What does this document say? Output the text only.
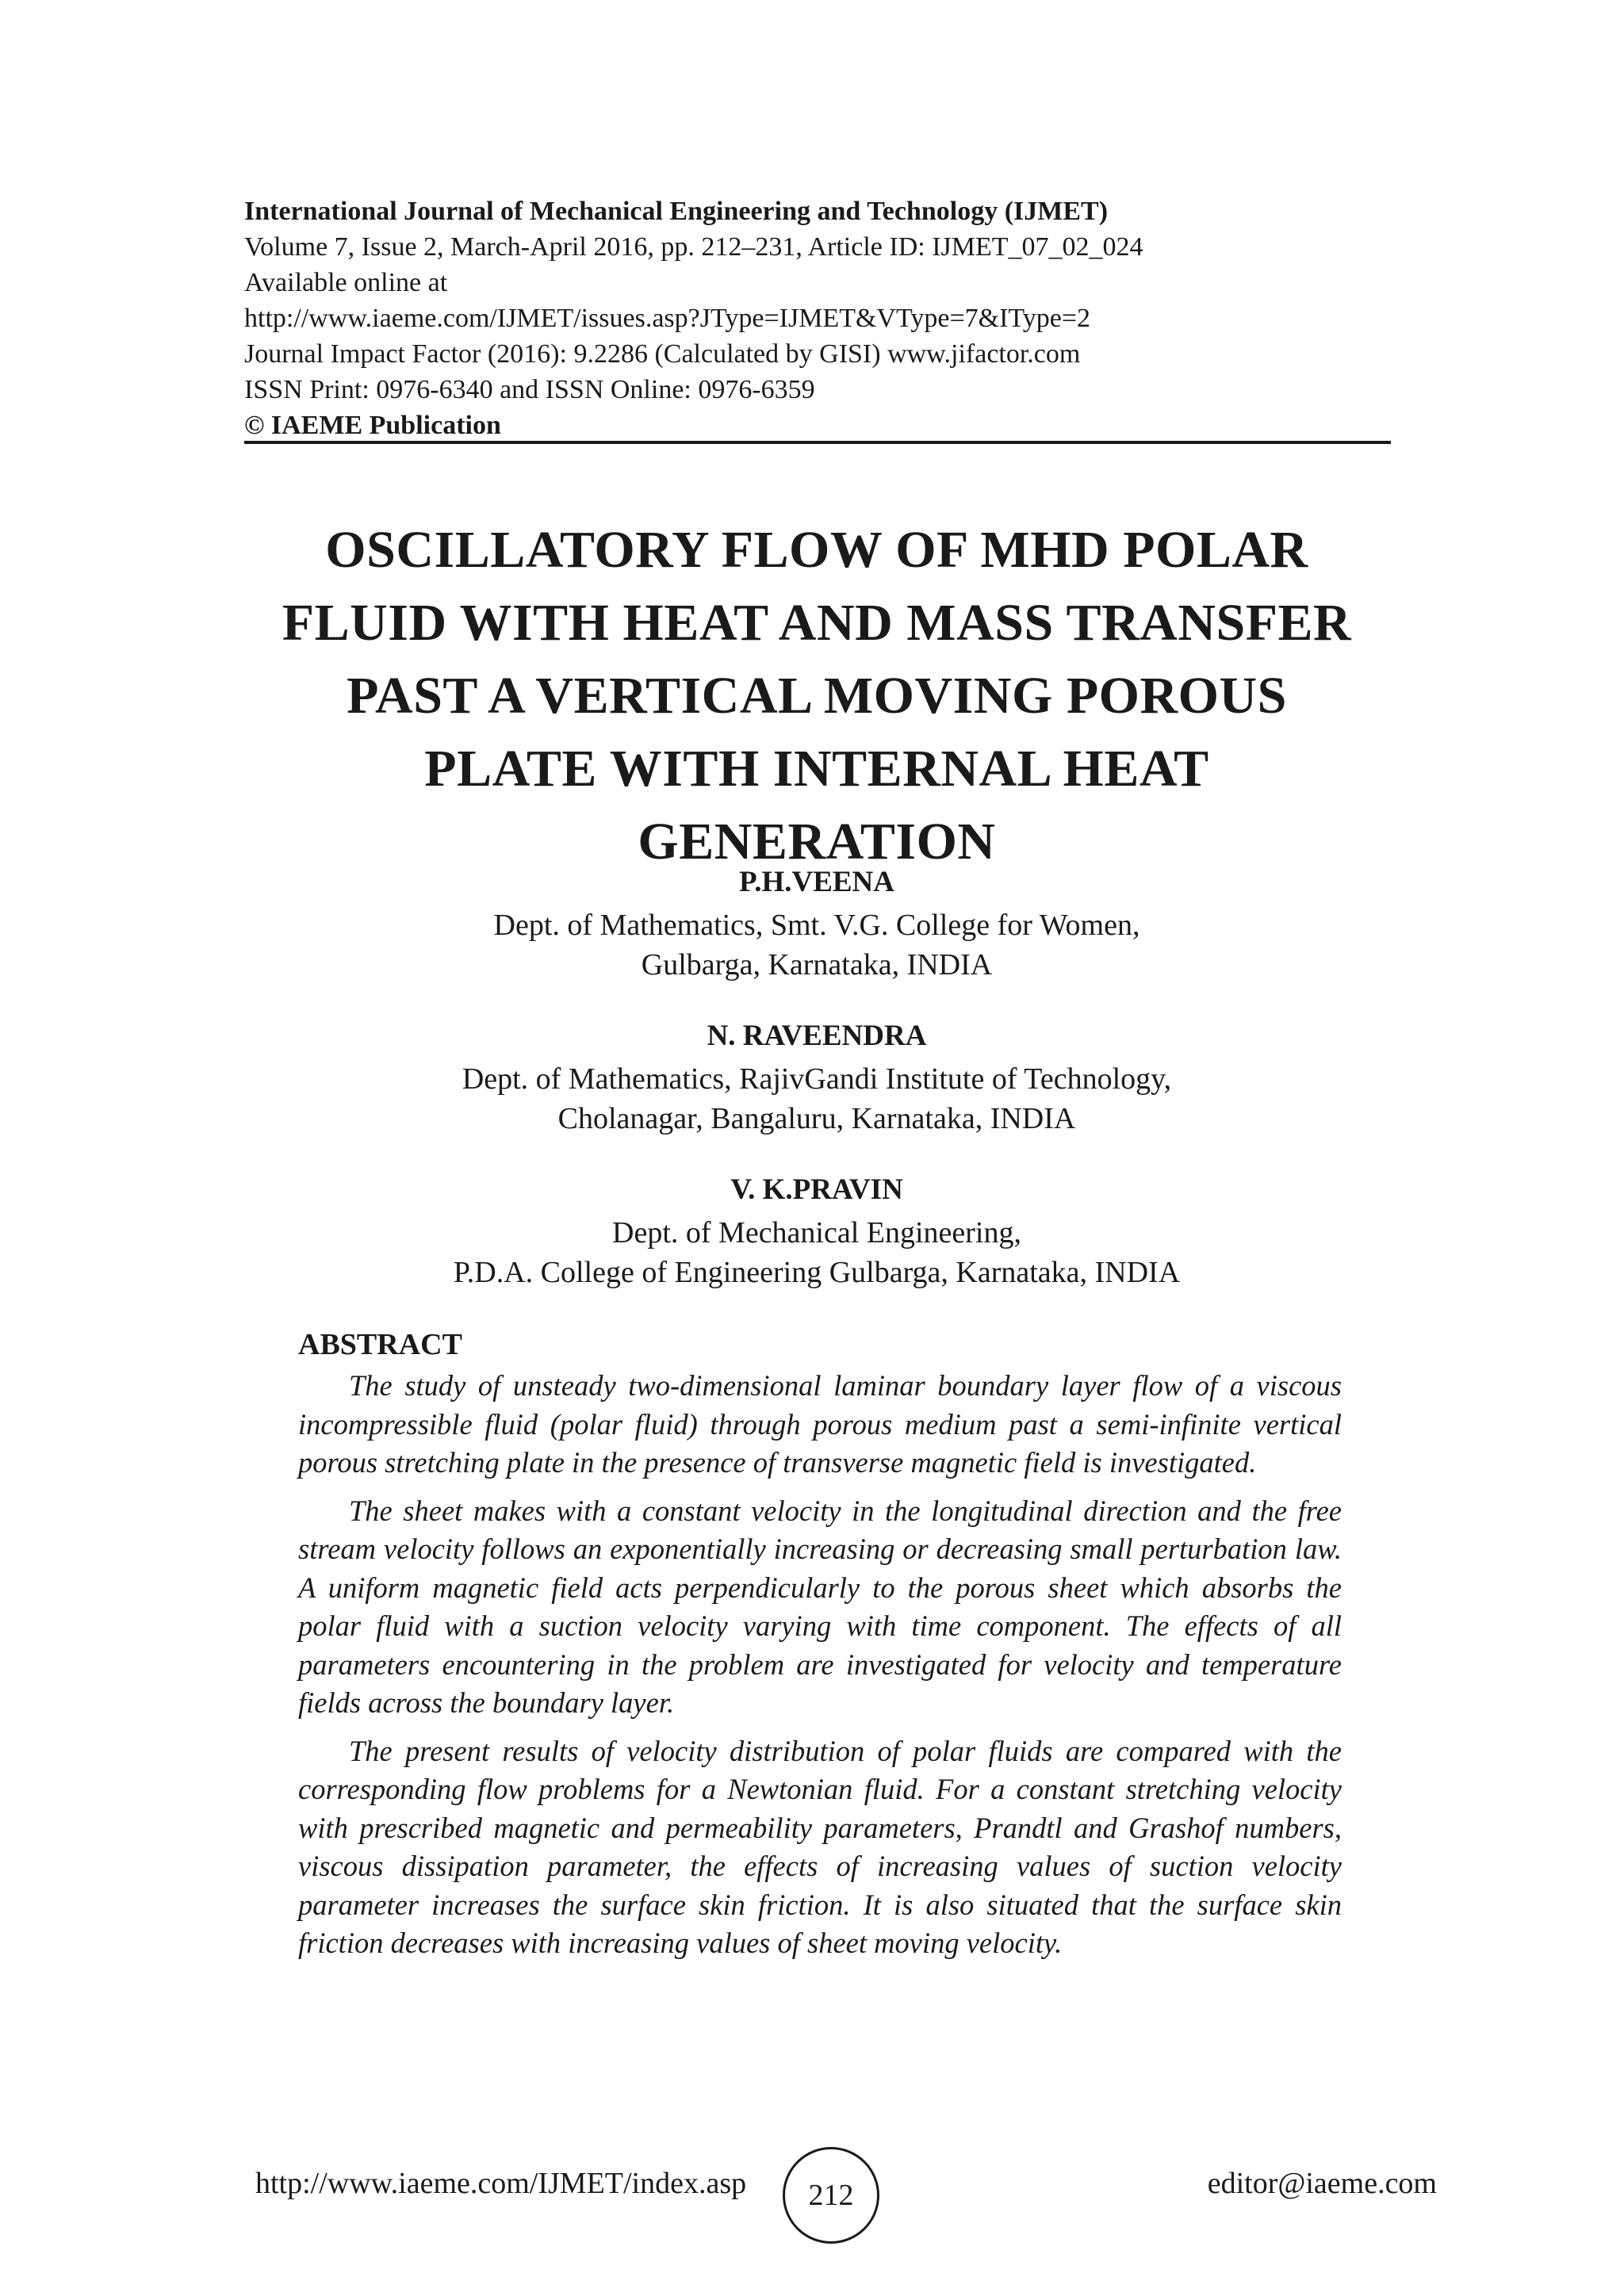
International Journal of Mechanical Engineering and Technology (IJMET)
Volume 7, Issue 2, March-April 2016, pp. 212–231, Article ID: IJMET_07_02_024
Available online at
http://www.iaeme.com/IJMET/issues.asp?JType=IJMET&VType=7&IType=2
Journal Impact Factor (2016): 9.2286 (Calculated by GISI) www.jifactor.com
ISSN Print: 0976-6340 and ISSN Online: 0976-6359
© IAEME Publication
OSCILLATORY FLOW OF MHD POLAR
FLUID WITH HEAT AND MASS TRANSFER
PAST A VERTICAL MOVING POROUS
PLATE WITH INTERNAL HEAT
GENERATION
P.H.VEENA
Dept. of Mathematics, Smt. V.G. College for Women,
Gulbarga, Karnataka, INDIA
N. RAVEENDRA
Dept. of Mathematics, RajivGandi Institute of Technology,
Cholanagar, Bangaluru, Karnataka, INDIA
V. K.PRAVIN
Dept. of Mechanical Engineering,
P.D.A. College of Engineering Gulbarga, Karnataka, INDIA
ABSTRACT

The study of unsteady two-dimensional laminar boundary layer flow of a viscous incompressible fluid (polar fluid) through porous medium past a semi-infinite vertical porous stretching plate in the presence of transverse magnetic field is investigated.

The sheet makes with a constant velocity in the longitudinal direction and the free stream velocity follows an exponentially increasing or decreasing small perturbation law. A uniform magnetic field acts perpendicularly to the porous sheet which absorbs the polar fluid with a suction velocity varying with time component. The effects of all parameters encountering in the problem are investigated for velocity and temperature fields across the boundary layer.

The present results of velocity distribution of polar fluids are compared with the corresponding flow problems for a Newtonian fluid. For a constant stretching velocity with prescribed magnetic and permeability parameters, Prandtl and Grashof numbers, viscous dissipation parameter, the effects of increasing values of suction velocity parameter increases the surface skin friction. It is also situated that the surface skin friction decreases with increasing values of sheet moving velocity.

http://www.iaeme.com/IJMET/index.asp 212	editor@iaeme.com
